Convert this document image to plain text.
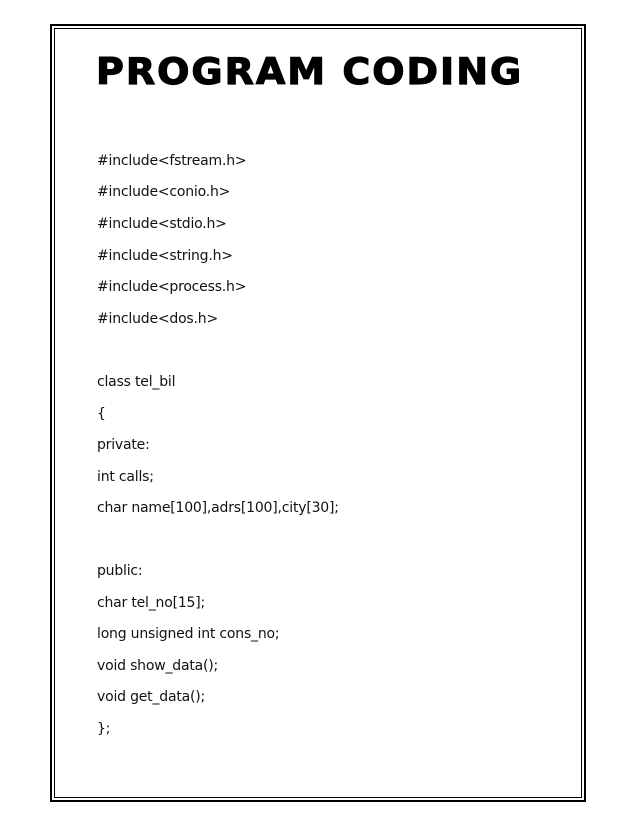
PROGRAM CODING

#include<fstream.h>

#include<conio.h>

#include<stdio.h>

#include<string.h>

#include<process.h>

#include<dos.h>

class tel_bil

{

private:

int calls;

char name[100],adrs[100],city[30];

public:

char tel_no[15];

long unsigned int cons_no;

void show_data();

void get_data();

};
